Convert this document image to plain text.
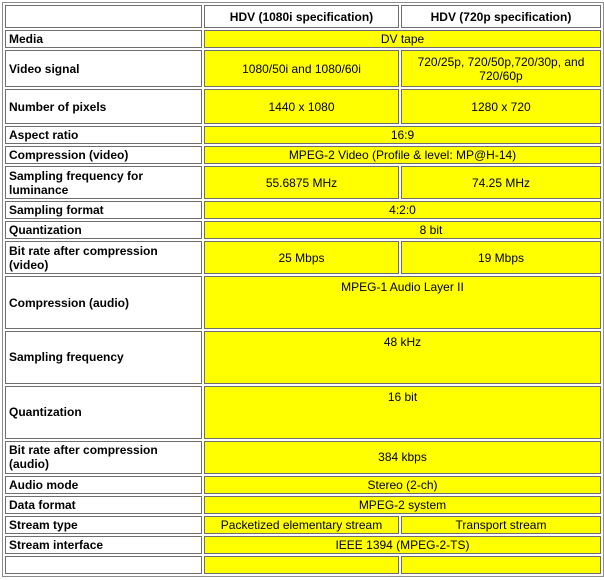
	HDV (1080i specification)	HDV (720p specification)
Media	DV tape	
Video signal	1080/50i and 1080/60i	720/25p, 720/50p,720/30p, and 720/60p
Number of pixels	1440 x 1080	1280 x 720
Aspect ratio	16:9	
Compression (video)	MPEG-2 Video (Profile & level: MP@H-14)	
Sampling frequency for luminance	55.6875 MHz	74.25 MHz
Sampling format	4:2:0	
Quantization	8 bit	
Bit rate after compression (video)	25 Mbps	19 Mbps
Compression (audio)	MPEG-1 Audio Layer II	
Sampling frequency	48 kHz	
Quantization	16 bit	
Bit rate after compression (audio)	384 kbps	
Audio mode	Stereo (2-ch)	
Data format	MPEG-2 system	
Stream type	Packetized elementary stream	Transport stream
Stream interface	IEEE 1394 (MPEG-2-TS)	
